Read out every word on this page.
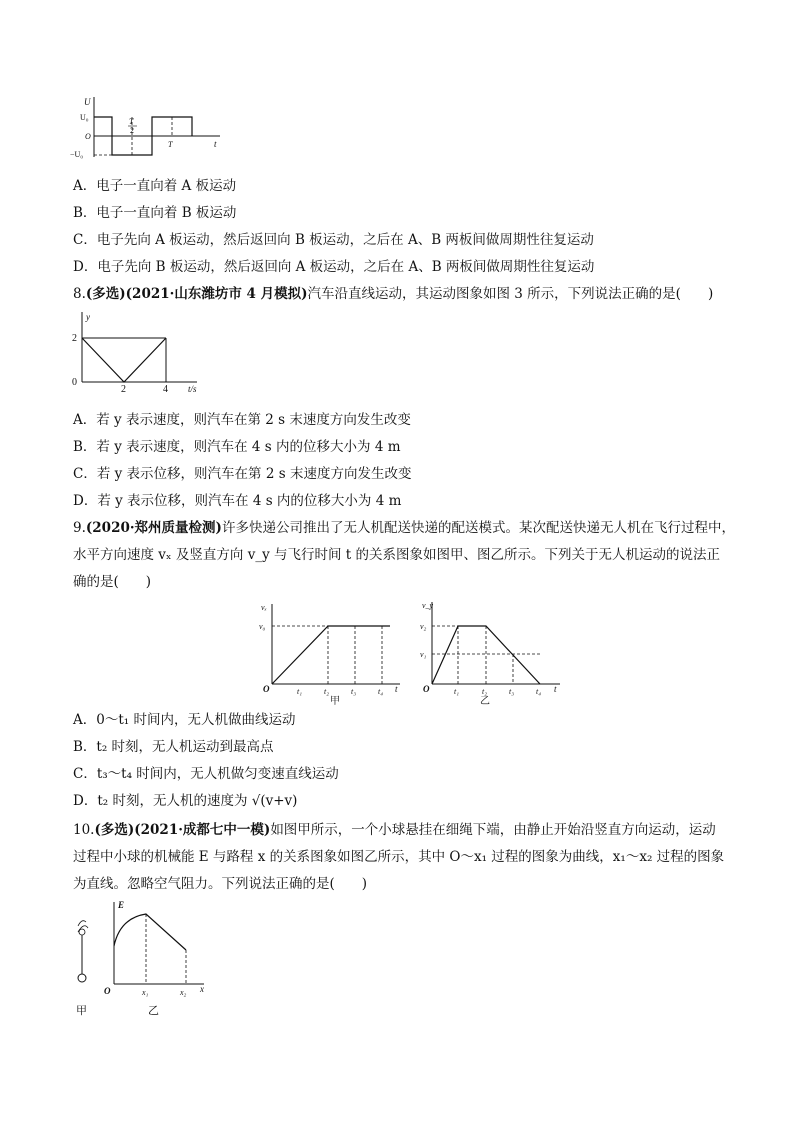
U
U₀
O
−U₀
T
2
T	t
A．电子一直向着 A 板运动
B．电子一直向着 B 板运动
C．电子先向 A 板运动，然后返回向 B 板运动，之后在 A、B 两板间做周期性往复运动
D．电子先向 B 板运动，然后返回向 A 板运动，之后在 A、B 两板间做周期性往复运动
8.(多选)(2021·山东潍坊市 4 月模拟)汽车沿直线运动，其运动图象如图 3 所示，下列说法正确的是(　　)
y
2
0
2	4 t/s
A．若 y 表示速度，则汽车在第 2 s 末速度方向发生改变
B．若 y 表示速度，则汽车在 4 s 内的位移大小为 4 m
C．若 y 表示位移，则汽车在第 2 s 末速度方向发生改变
D．若 y 表示位移，则汽车在 4 s 内的位移大小为 4 m
9.(2020·郑州质量检测)许多快递公司推出了无人机配送快递的配送模式。某次配送快递无人机在飞行过程中，
水平方向速度 vₓ 及竖直方向 v_y 与飞行时间 t 的关系图象如图甲、图乙所示。下列关于无人机运动的说法正
确的是(　　)
vₓ
v₀
O	t₁	t₂	t₃	t₄ t
甲
v_y
v₂
v₁
O	t₁	t₂	t₃	t₄ t
乙
A．0～t₁ 时间内，无人机做曲线运动
B．t₂ 时刻，无人机运动到最高点
C．t₃～t₄ 时间内，无人机做匀变速直线运动
D．t₂ 时刻，无人机的速度为 √(v+v)
10.(多选)(2021·成都七中一模)如图甲所示，一个小球悬挂在细绳下端，由静止开始沿竖直方向运动，运动
过程中小球的机械能 E 与路程 x 的关系图象如图乙所示，其中 O～x₁ 过程的图象为曲线，x₁～x₂ 过程的图象
为直线。忽略空气阻力。下列说法正确的是(　　)
甲
E
O	x₁	x₂ x
乙
